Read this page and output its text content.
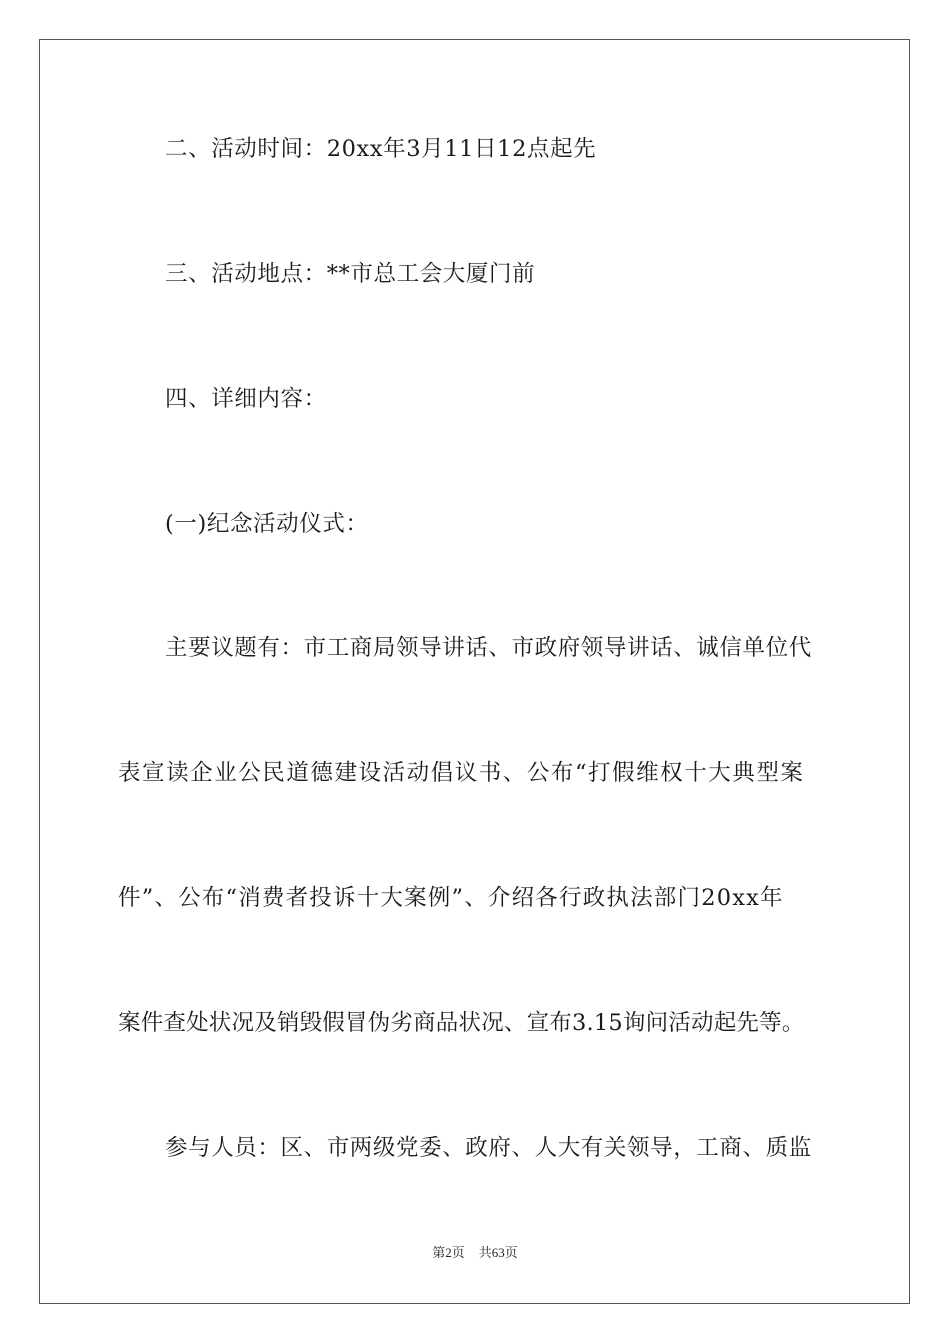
二、活动时间：20xx年3月11日12点起先
三、活动地点：**市总工会大厦门前
四、详细内容：
(一)纪念活动仪式：
主要议题有：市工商局领导讲话、市政府领导讲话、诚信单位代
表宣读企业公民道德建设活动倡议书、公布“打假维权十大典型案
件”、公布“消费者投诉十大案例”、介绍各行政执法部门20xx年
案件查处状况及销毁假冒伪劣商品状况、宣布3.15询问活动起先等。
参与人员：区、市两级党委、政府、人大有关领导，工商、质监
第2页 共63页
